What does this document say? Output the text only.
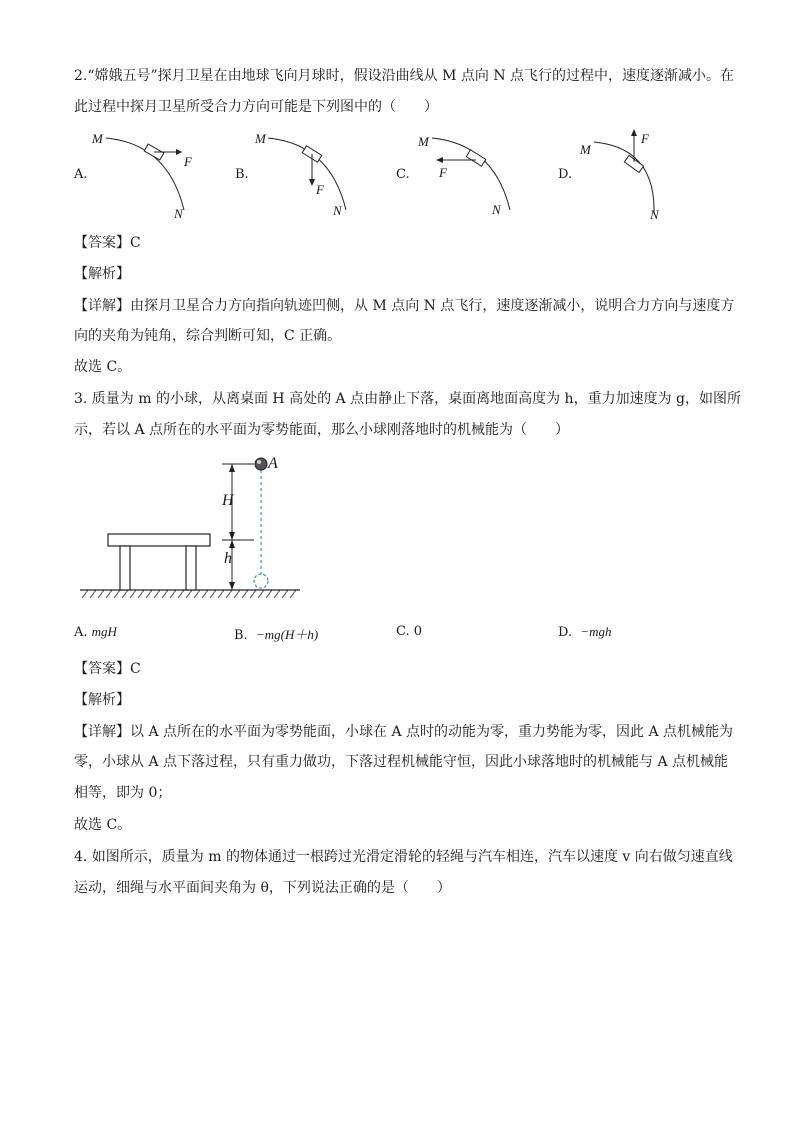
2.“嫦娥五号”探月卫星在由地球飞向月球时，假设沿曲线从 M 点向 N 点飞行的过程中，速度逐渐减小。在
此过程中探月卫星所受合力方向可能是下列图中的（　　）
A.
M
F
N
B.
M
F
N
C.
M
F
N
D.
M
F
N
【答案】C
【解析】
【详解】由探月卫星合力方向指向轨迹凹侧，从 M 点向 N 点飞行，速度逐渐减小，说明合力方向与速度方
向的夹角为钝角，综合判断可知，C 正确。
故选 C。
3. 质量为 m 的小球，从离桌面 H 高处的 A 点由静止下落，桌面离地面高度为 h，重力加速度为 g，如图所
示，若以 A 点所在的水平面为零势能面，那么小球刚落地时的机械能为（　　）
A
H
h
A. mgH	B. −mg(H＋h)	C. 0	D. −mgh
【答案】C
【解析】
【详解】以 A 点所在的水平面为零势能面，小球在 A 点时的动能为零，重力势能为零，因此 A 点机械能为
零，小球从 A 点下落过程，只有重力做功，下落过程机械能守恒，因此小球落地时的机械能与 A 点机械能
相等，即为 0；
故选 C。
4. 如图所示，质量为 m 的物体通过一根跨过光滑定滑轮的轻绳与汽车相连，汽车以速度 v 向右做匀速直线
运动，细绳与水平面间夹角为 θ，下列说法正确的是（　　）
